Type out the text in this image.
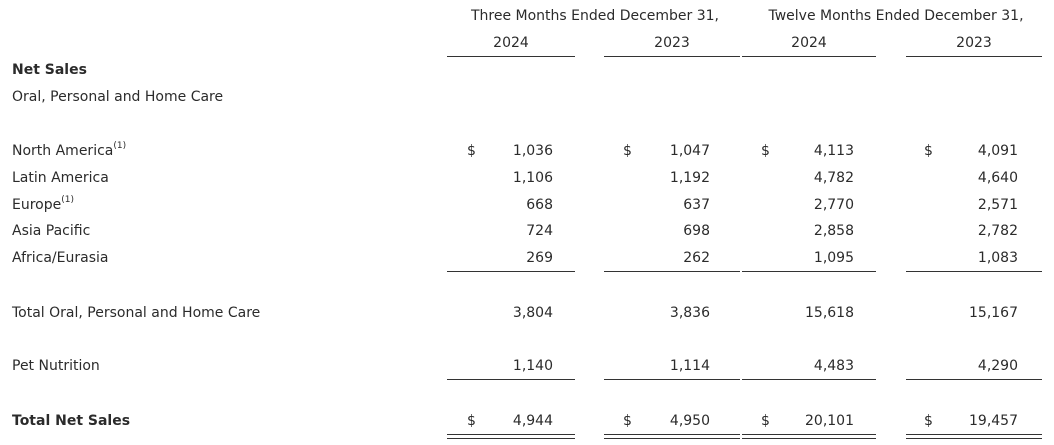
Three Months Ended December 31,	Twelve Months Ended December 31,
2024	2023	2024	2023
Net Sales
Oral, Personal and Home Care
North America$^{(1)}$	$	1,036	$	1,047	$	4,113	$	4,091
Latin America	1,106	1,192	4,782	4,640
Europe$^{(1)}$	668	637	2,770	2,571
Asia Pacific	724	698	2,858	2,782
Africa/Eurasia	269	262	1,095	1,083
Total Oral, Personal and Home Care	3,804	3,836	15,618	15,167
Pet Nutrition	1,140	1,114	4,483	4,290
Total Net Sales	$	4,944	$	4,950	$	20,101	$	19,457
